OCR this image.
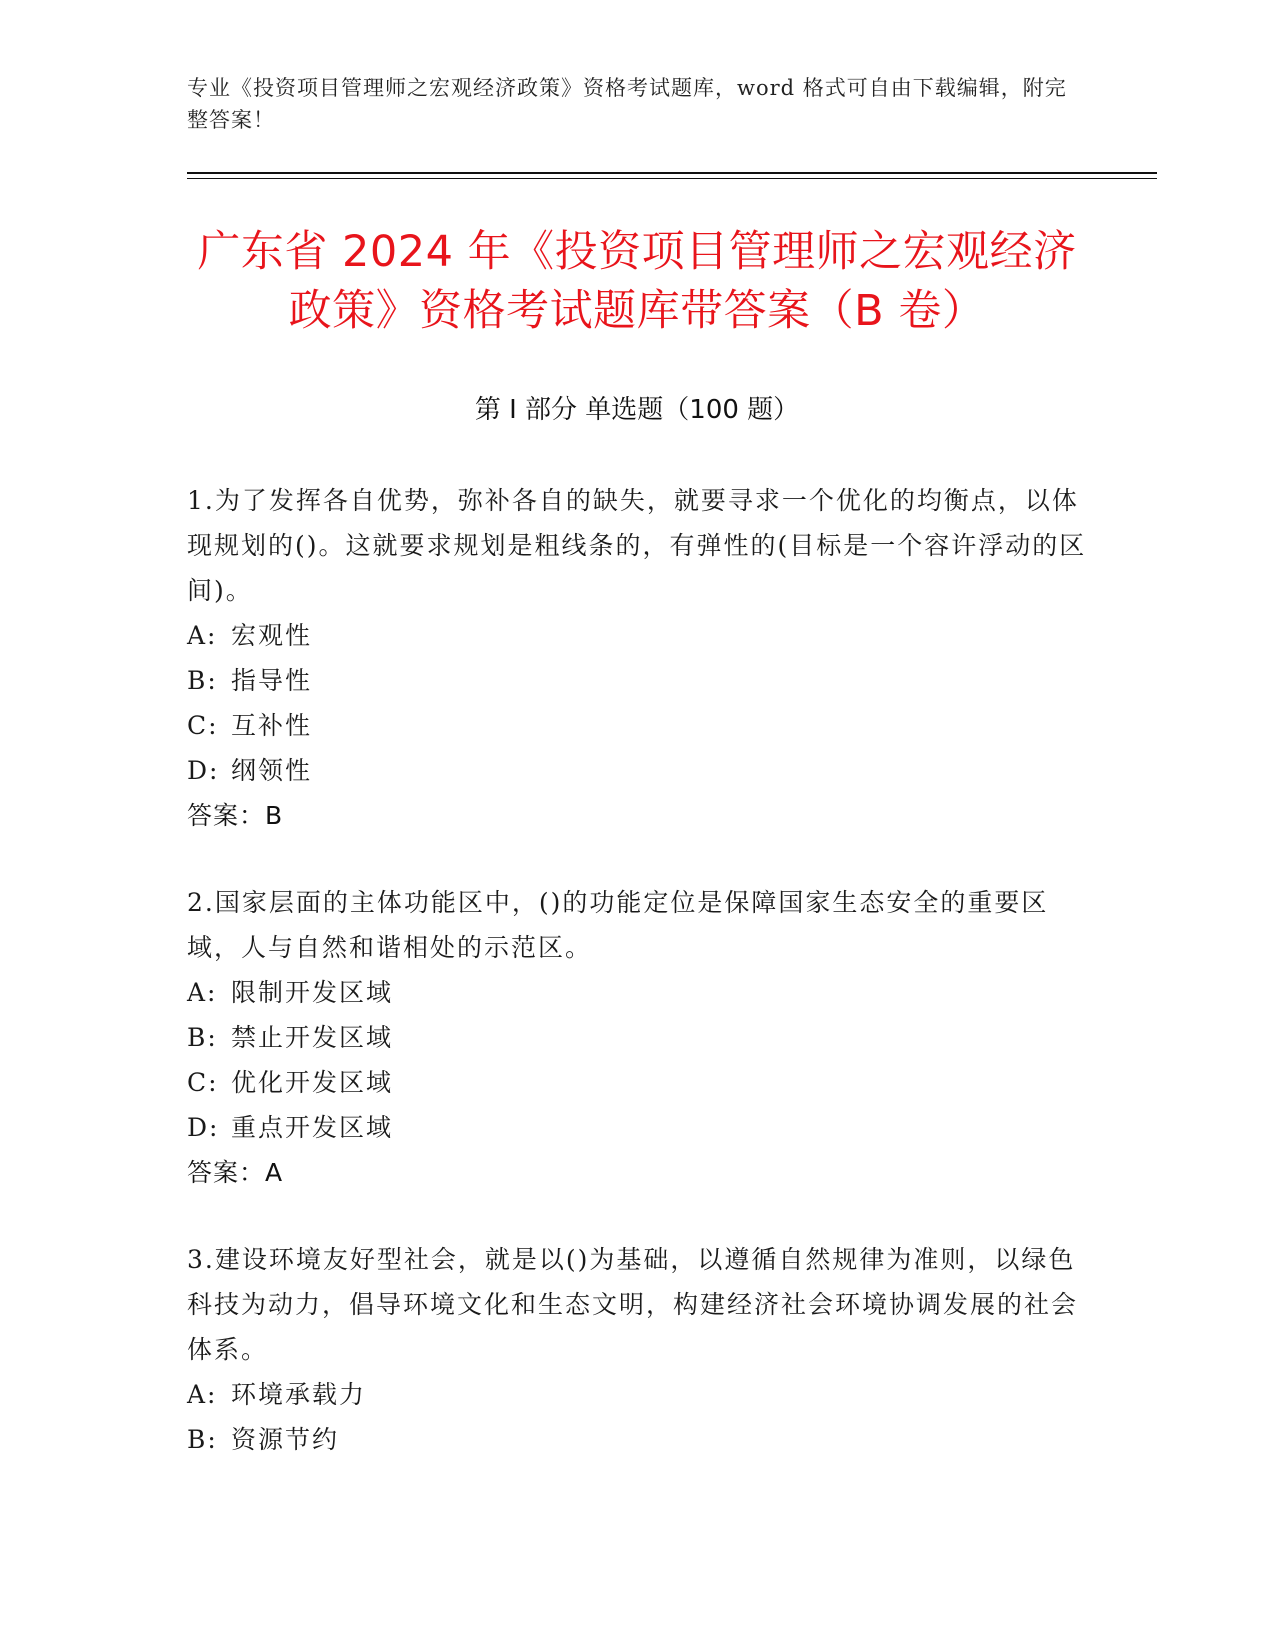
专业《投资项目管理师之宏观经济政策》资格考试题库，word 格式可自由下载编辑，附完整答案！

广东省 2024 年《投资项目管理师之宏观经济政策》资格考试题库带答案（B 卷）
第 I 部分 单选题（100 题）

1.为了发挥各自优势，弥补各自的缺失，就要寻求一个优化的均衡点，以体现规划的()。这就要求规划是粗线条的，有弹性的(目标是一个容许浮动的区间)。

A: 宏观性
B: 指导性
C: 互补性
D: 纲领性
答案：B

2.国家层面的主体功能区中，()的功能定位是保障国家生态安全的重要区域，人与自然和谐相处的示范区。

A: 限制开发区域
B: 禁止开发区域
C: 优化开发区域
D: 重点开发区域
答案：A

3.建设环境友好型社会，就是以()为基础，以遵循自然规律为准则，以绿色科技为动力，倡导环境文化和生态文明，构建经济社会环境协调发展的社会体系。

A: 环境承载力
B: 资源节约
